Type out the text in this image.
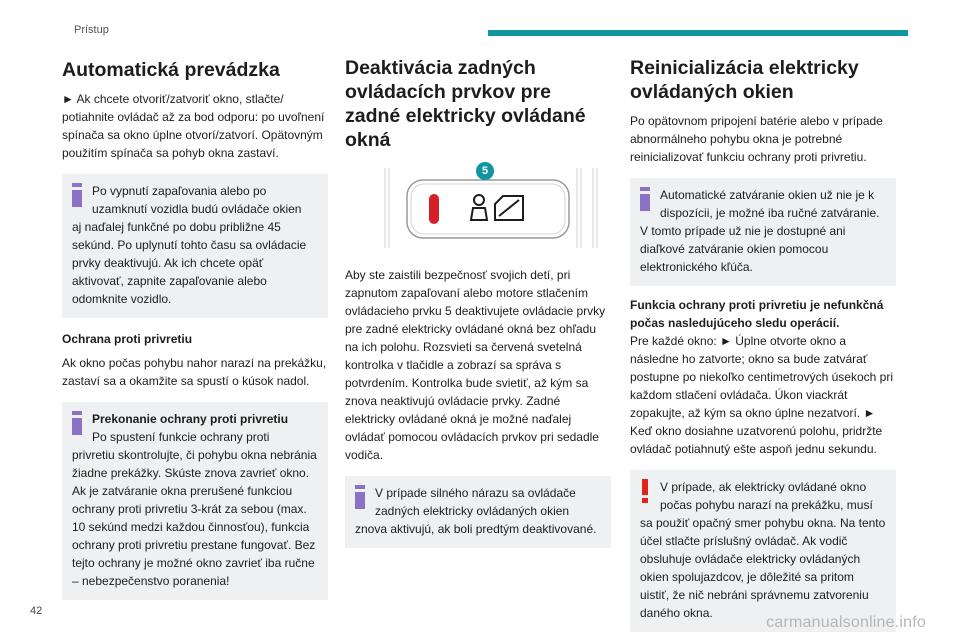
Prístup
Automatická prevádzka

► Ak chcete otvoriť/zatvoriť okno, stlačte/ potiahnite ovládač až za bod odporu: po uvoľnení spínača sa okno úplne otvorí/zatvorí. Opätovným použitím spínača sa pohyb okna zastaví.

Po vypnutí zapaľovania alebo po uzamknutí vozidla budú ovládače okien
aj naďalej funkčné po dobu približne 45 sekúnd. Po uplynutí tohto času sa ovládacie prvky deaktivujú. Ak ich chcete opäť aktivovať, zapnite zapaľovanie alebo odomknite vozidlo.
Ochrana proti privretiu

Ak okno počas pohybu nahor narazí na prekážku, zastaví sa a okamžite sa spustí o kúsok nadol.

Prekonanie ochrany proti privretiu
Po spustení funkcie ochrany proti
privretiu skontrolujte, či pohybu okna nebránia žiadne prekážky. Skúste znova zavrieť okno. Ak je zatváranie okna prerušené funkciou ochrany proti privretiu 3-krát za sebou (max. 10 sekúnd medzi každou činnosťou), funkcia ochrany proti privretiu prestane fungovať. Bez tejto ochrany je možné okno zavrieť iba ručne – nebezpečenstvo poranenia!
Deaktivácia zadných ovládacích prvkov pre zadné elektricky ovládané okná
5

Aby ste zaistili bezpečnosť svojich detí, pri zapnutom zapaľovaní alebo motore stlačením ovládacieho prvku 5 deaktivujete ovládacie prvky pre zadné elektricky ovládané okná bez ohľadu na ich polohu. Rozsvieti sa červená svetelná kontrolka v tlačidle a zobrazí sa správa s potvrdením. Kontrolka bude svietiť, až kým sa znova neaktivujú ovládacie prvky. Zadné elektricky ovládané okná je možné naďalej ovládať pomocou ovládacích prvkov pri sedadle vodiča.

V prípade silného nárazu sa ovládače zadných elektricky ovládaných okien
znova aktivujú, ak boli predtým deaktivované.
Reinicializácia elektricky ovládaných okien

Po opätovnom pripojení batérie alebo v prípade abnormálneho pohybu okna je potrebné reinicializovať funkciu ochrany proti privretiu.

Automatické zatváranie okien už nie je k dispozícii, je možné iba ručné zatváranie.
V tomto prípade už nie je dostupné ani diaľkové zatváranie okien pomocou elektronického kľúča.

Funkcia ochrany proti privretiu je nefunkčná počas nasledujúceho sledu operácií.

Pre každé okno: ► Úplne otvorte okno a následne ho zatvorte; okno sa bude zatvárať postupne po niekoľko centimetrových úsekoch pri každom stlačení ovládača. Úkon viackrát zopakujte, až kým sa okno úplne nezatvorí. ► Keď okno dosiahne uzatvorenú polohu, pridržte ovládač potiahnutý ešte aspoň jednu sekundu.

V prípade, ak elektricky ovládané okno počas pohybu narazí na prekážku, musí
sa použiť opačný smer pohybu okna. Na tento účel stlačte príslušný ovládač. Ak vodič obsluhuje ovládače elektricky ovládaných okien spolujazdcov, je dôležité sa pritom uistiť, že nič nebráni správnemu zatvoreniu daného okna.
42
carmanualsonline.info
